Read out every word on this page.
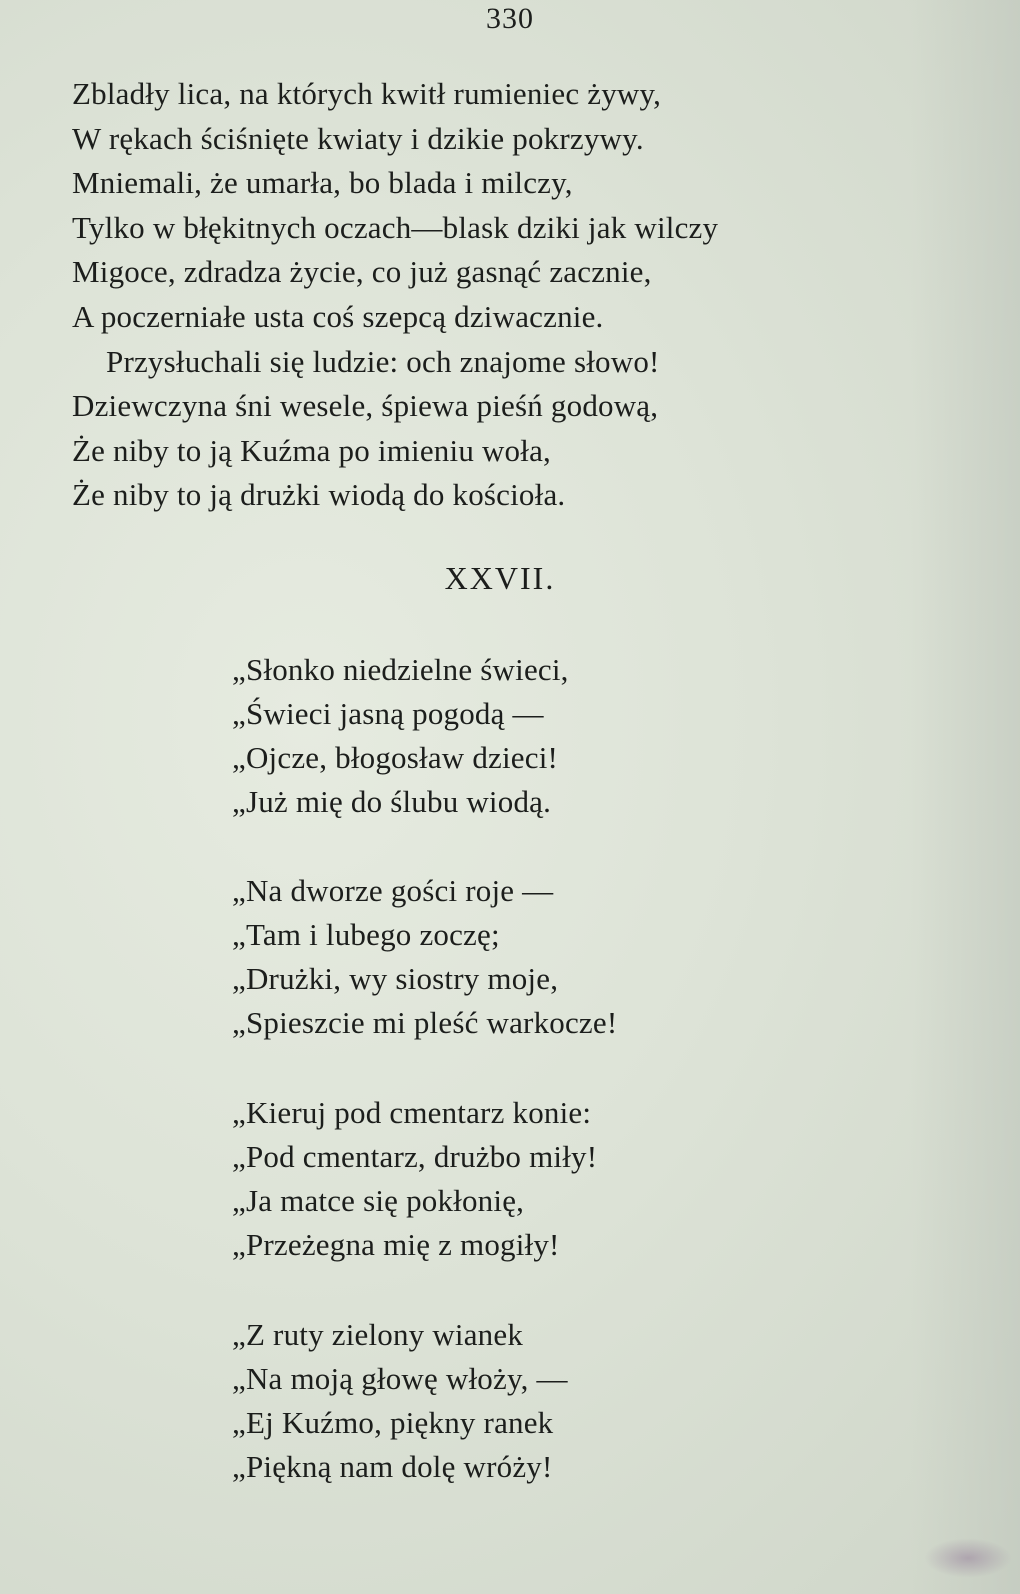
330
Zbladły lica, na których kwitł rumieniec żywy,
W rękach ściśnięte kwiaty i dzikie pokrzywy.
Mniemali, że umarła, bo blada i milczy,
Tylko w błękitnych oczach—blask dziki jak wilczy
Migoce, zdradza życie, co już gasnąć zacznie,
A poczerniałe usta coś szepcą dziwacznie.
Przysłuchali się ludzie: och znajome słowo!
Dziewczyna śni wesele, śpiewa pieśń godową,
Że niby to ją Kuźma po imieniu woła,
Że niby to ją drużki wiodą do kościoła.
XXVII.
„Słonko niedzielne świeci,
„Świeci jasną pogodą —
„Ojcze, błogosław dzieci!
„Już mię do ślubu wiodą.
„Na dworze gości roje —
„Tam i lubego zoczę;
„Drużki, wy siostry moje,
„Spieszcie mi pleść warkocze!
„Kieruj pod cmentarz konie:
„Pod cmentarz, drużbo miły!
„Ja matce się pokłonię,
„Przeżegna mię z mogiły!
„Z ruty zielony wianek
„Na moją głowę włoży, —
„Ej Kuźmo, piękny ranek
„Piękną nam dolę wróży!
